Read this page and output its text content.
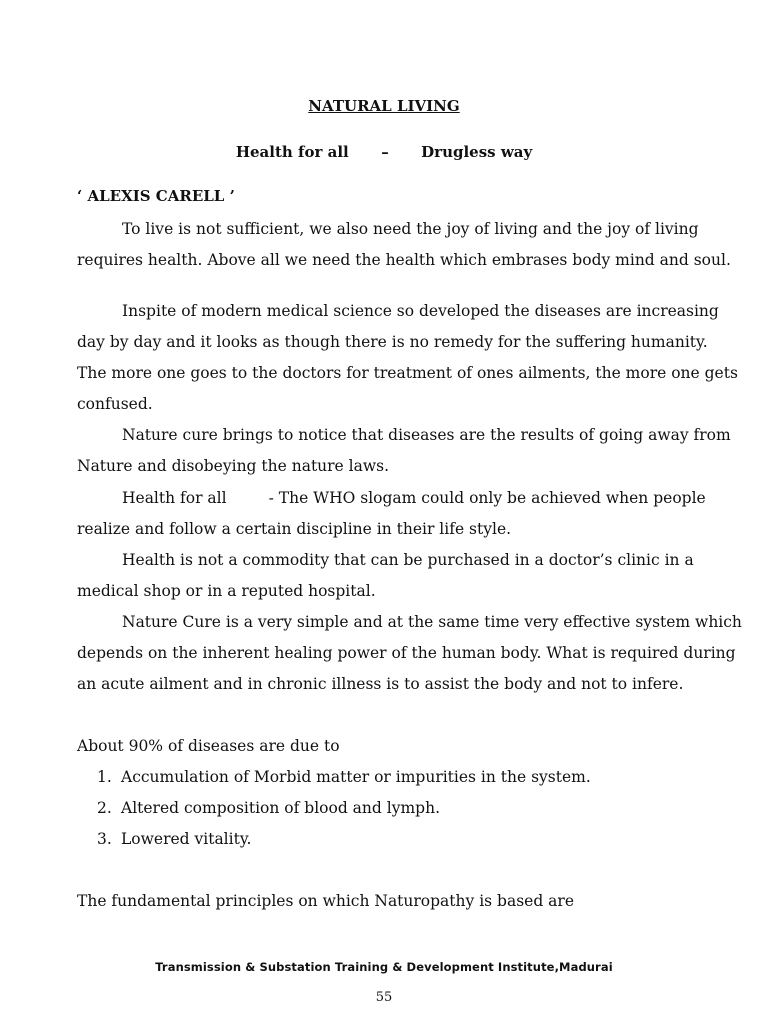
NATURAL LIVING
Health for all – Drugless way
‘ ALEXIS CARELL ’
To live is not sufficient, we also need the joy of living and the joy of living
requires health. Above all we need the health which embrases body mind and soul.
Inspite of modern medical science so developed the diseases are increasing
day by day and it looks as though there is no remedy for the suffering humanity.
The more one goes to the doctors for treatment of ones ailments, the more one gets
confused.
Nature cure brings to notice that diseases are the results of going away from
Nature and disobeying the nature laws.
Health for all	- The WHO slogam could only be achieved when people
realize and follow a certain discipline in their life style.
Health is not a commodity that can be purchased in a doctor’s clinic in a
medical shop or in a reputed hospital.
Nature Cure is a very simple and at the same time very effective system which
depends on the inherent healing power of the human body. What is required during
an acute ailment and in chronic illness is to assist the body and not to infere.
About 90% of diseases are due to
1. Accumulation of Morbid matter or impurities in the system.
2. Altered composition of blood and lymph.
3. Lowered vitality.
The fundamental principles on which Naturopathy is based are
Transmission & Substation Training & Development Institute,Madurai
55
